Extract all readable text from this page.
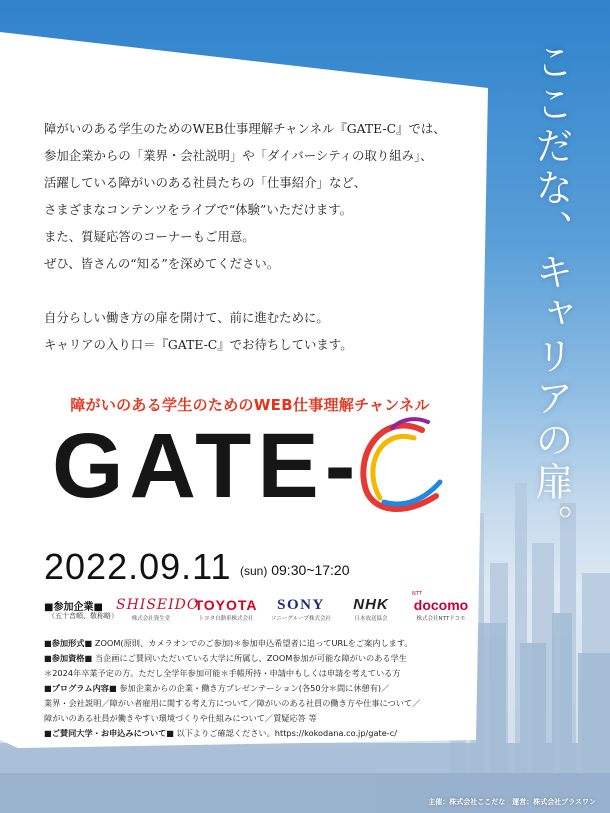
ここだな、キャリアの扉。

障がいのある学生のためのWEB仕事理解チャンネル『GATE-C』では、

参加企業からの「業界・会社説明」や「ダイバーシティの取り組み」、

活躍している障がいのある社員たちの「仕事紹介」など、

さまざまなコンテンツをライブで“体験”いただけます。

また、質疑応答のコーナーもご用意。

ぜひ、皆さんの“知る”を深めてください。

自分らしい働き方の扉を開けて、前に進むために。

キャリアの入り口＝『GATE-C』でお待ちしています。

障がいのある学生のためのWEB仕事理解チャンネル
GATE-	C
2022.09.11 (sun) 09:30~17:20
■参加企業■
（五十音順、敬称略）
SHISEIDO
株式会社資生堂
TOYOTA
トヨタ自動車株式会社
SONY
ソニーグループ株式会社
NHK
日本放送協会
NTT
docomo
株式会社NTTドコモ

■参加形式■ ZOOM(原則、カメラオンでのご参加)＊参加申込希望者に追ってURLをご案内します。

■参加資格■ 当企画にご賛同いただいている大学に所属し、ZOOM参加が可能な障がいのある学生

＊2024年卒業予定の方。ただし全学年参加可能＊手帳所持・申請中もしくは申請を考えている方

■プログラム内容■ 参加企業からの企業・働き方プレゼンテーション(各50分＊間に休憩有)／

業界・会社説明／障がい者雇用に関する考え方について／障がいのある社員の働き方や仕事について／

障がいのある社員が働きやすい環境づくりや仕組みについて／質疑応答 等

■ご賛同大学・お申込みについて■ 以下よりご確認ください。https://kokodana.co.jp/gate-c/

主催：株式会社ここだな　運営：株式会社プラスワン
